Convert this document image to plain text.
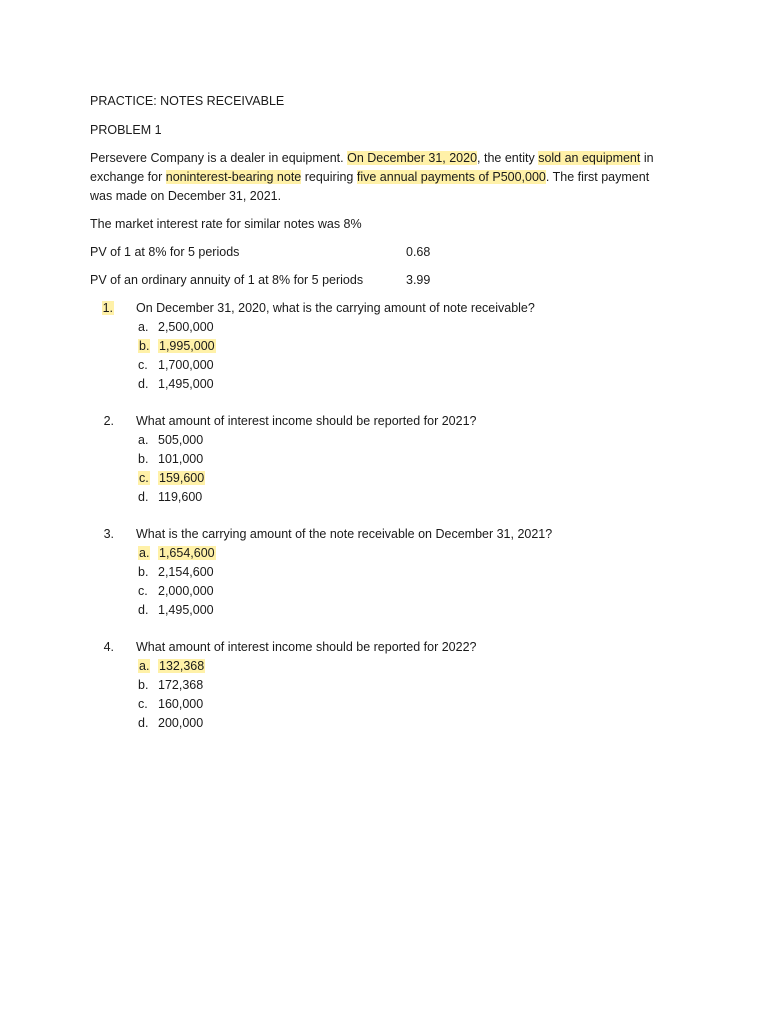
PRACTICE: NOTES RECEIVABLE

PROBLEM 1

Persevere Company is a dealer in equipment. On December 31, 2020, the entity sold an equipment in exchange for noninterest-bearing note requiring five annual payments of P500,000. The first payment was made on December 31, 2021.

The market interest rate for similar notes was 8%

PV of 1 at 8% for 5 periods	0.68
PV of an ordinary annuity of 1 at 8% for 5 periods	3.99
1.	On December 31, 2020, what is the carrying amount of note receivable?
a. 2,500,000
b. 1,995,000
c. 1,700,000
d. 1,495,000
2.	What amount of interest income should be reported for 2021?
a. 505,000
b. 101,000
c. 159,600
d. 119,600
3.	What is the carrying amount of the note receivable on December 31, 2021?
a. 1,654,600
b. 2,154,600
c. 2,000,000
d. 1,495,000
4.	What amount of interest income should be reported for 2022?
a. 132,368
b. 172,368
c. 160,000
d. 200,000
